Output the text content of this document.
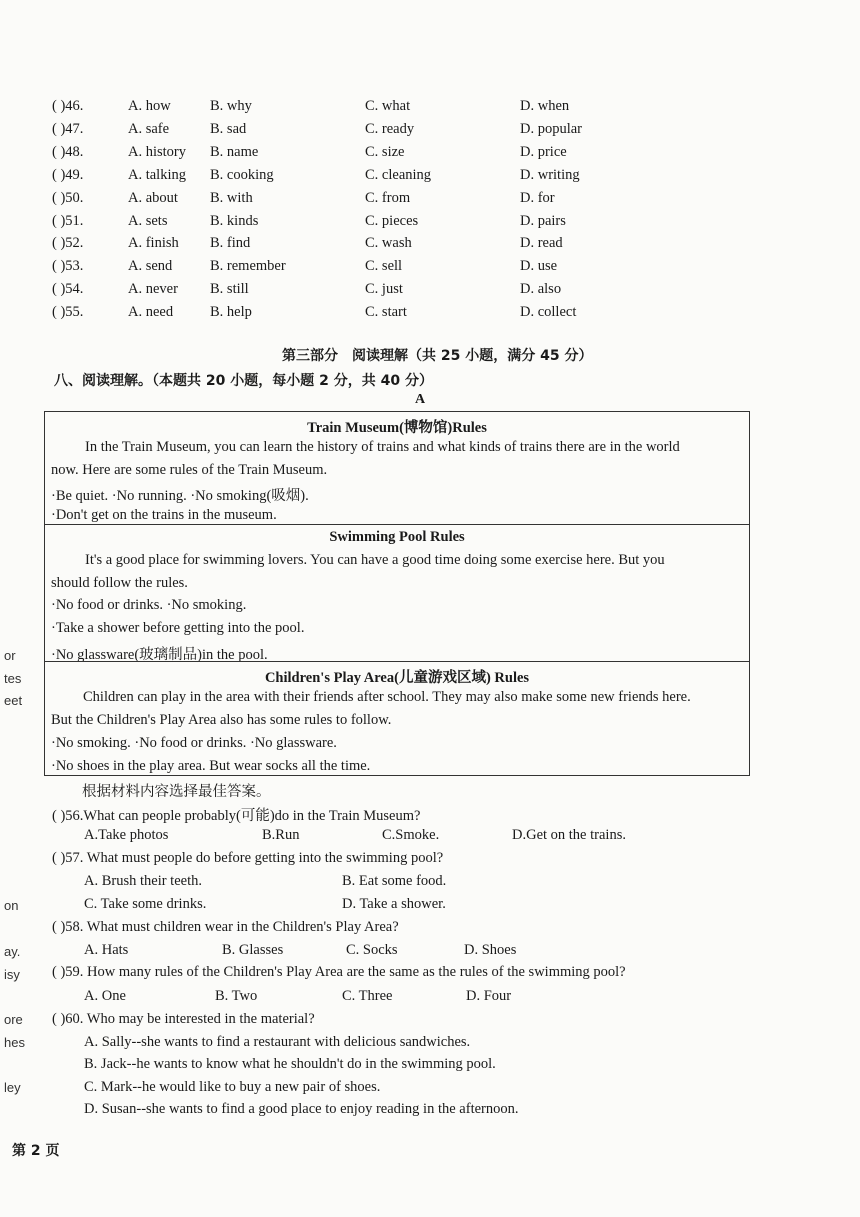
( )46.	A. how	B. why	C. what	D. when
( )47.	A. safe	B. sad	C. ready	D. popular
( )48.	A. history B. name	C. size	D. price
( )49.	A. talking B. cooking	C. cleaning	D. writing
( )50.	A. about B. with	C. from	D. for
( )51.	A. sets	B. kinds	C. pieces	D. pairs
( )52.	A. finish B. find	C. wash	D. read
( )53.	A. send	B. remember	C. sell	D. use
( )54.	A. never B. still	C. just	D. also
( )55.	A. need	B. help	C. start	D. collect
第三部分　阅读理解（共 25 小题，满分 45 分）
八、阅读理解。（本题共 20 小题，每小题 2 分，共 40 分）
A
Train Museum(博物馆)Rules
In the Train Museum, you can learn the history of trains and what kinds of trains there are in the world
now. Here are some rules of the Train Museum.
·Be quiet. ·No running. ·No smoking(吸烟).
·Don't get on the trains in the museum.
Swimming Pool Rules
It's a good place for swimming lovers. You can have a good time doing some exercise here. But you
should follow the rules.
·No food or drinks. ·No smoking.
·Take a shower before getting into the pool.
·No glassware(玻璃制品)in the pool.
Children's Play Area(儿童游戏区域) Rules
Children can play in the area with their friends after school. They may also make some new friends here.
But the Children's Play Area also has some rules to follow.
·No smoking. ·No food or drinks. ·No glassware.
·No shoes in the play area. But wear socks all the time.
根据材料内容选择最佳答案。
( )56.What can people probably(可能)do in the Train Museum?
A.Take photos	B.Run	C.Smoke.	D.Get on the trains.
( )57. What must people do before getting into the swimming pool?
A. Brush their teeth.	B. Eat some food.
C. Take some drinks.	D. Take a shower.
( )58. What must children wear in the Children's Play Area?
A. Hats	B. Glasses	C. Socks	D. Shoes
( )59. How many rules of the Children's Play Area are the same as the rules of the swimming pool?
A. One	B. Two	C. Three	D. Four
( )60. Who may be interested in the material?
A. Sally--she wants to find a restaurant with delicious sandwiches.
B. Jack--he wants to know what he shouldn't do in the swimming pool.
C. Mark--he would like to buy a new pair of shoes.
D. Susan--she wants to find a good place to enjoy reading in the afternoon.
or
tes
eet
on
ay.
isy
ore
hes
ley
第 2 页
